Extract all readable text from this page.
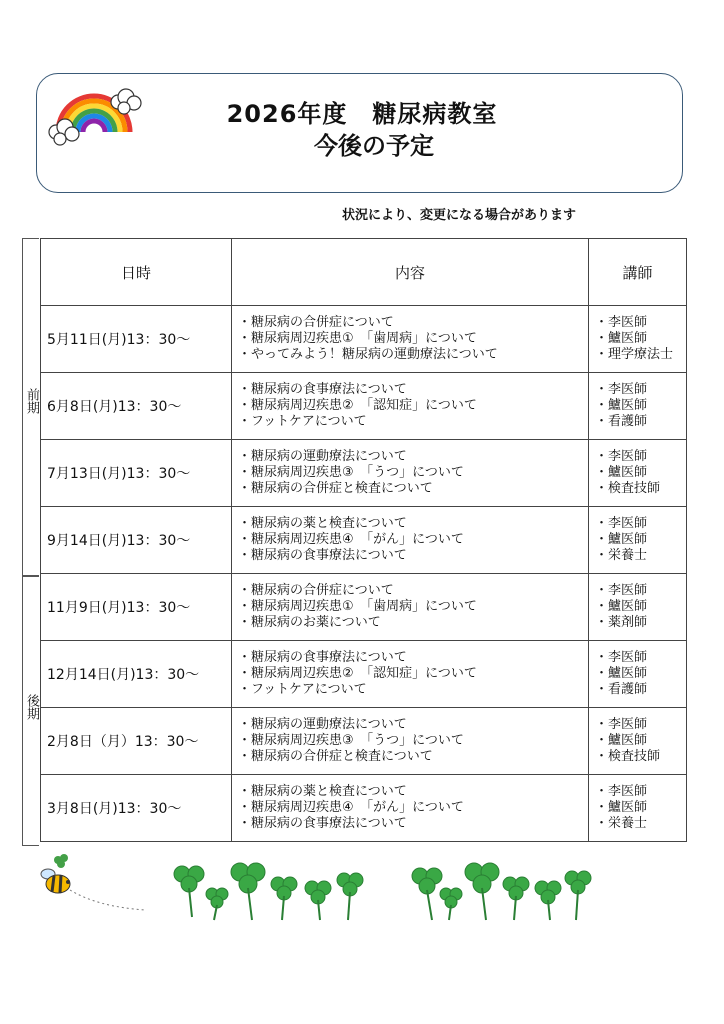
2026年度　糖尿病教室
今後の予定
状況により、変更になる場合があります
前期
後期
日時	内容	講師
5月11日(月)13：30～	・糖尿病の合併症について
・糖尿病周辺疾患①　「歯周病」について
・やってみよう！糖尿病の運動療法について	・李医師
・鱸医師
・理学療法士

6月8日(月)13：30～	・糖尿病の食事療法について
・糖尿病周辺疾患②　「認知症」について
・フットケアについて	・李医師
・鱸医師
・看護師

7月13日(月)13：30～	・糖尿病の運動療法について
・糖尿病周辺疾患③　「うつ」について
・糖尿病の合併症と検査について	・李医師
・鱸医師
・検査技師

9月14日(月)13：30～	・糖尿病の薬と検査について
・糖尿病周辺疾患④　「がん」について
・糖尿病の食事療法について	・李医師
・鱸医師
・栄養士

11月9日(月)13：30～	・糖尿病の合併症について
・糖尿病周辺疾患①　「歯周病」について
・糖尿病のお薬について	・李医師
・鱸医師
・薬剤師

12月14日(月)13：30～	・糖尿病の食事療法について
・糖尿病周辺疾患②　「認知症」について
・フットケアについて	・李医師
・鱸医師
・看護師

2月8日（月）13：30～	・糖尿病の運動療法について
・糖尿病周辺疾患③　「うつ」について
・糖尿病の合併症と検査について	・李医師
・鱸医師
・検査技師

3月8日(月)13：30～	・糖尿病の薬と検査について
・糖尿病周辺疾患④　「がん」について
・糖尿病の食事療法について	・李医師
・鱸医師
・栄養士
